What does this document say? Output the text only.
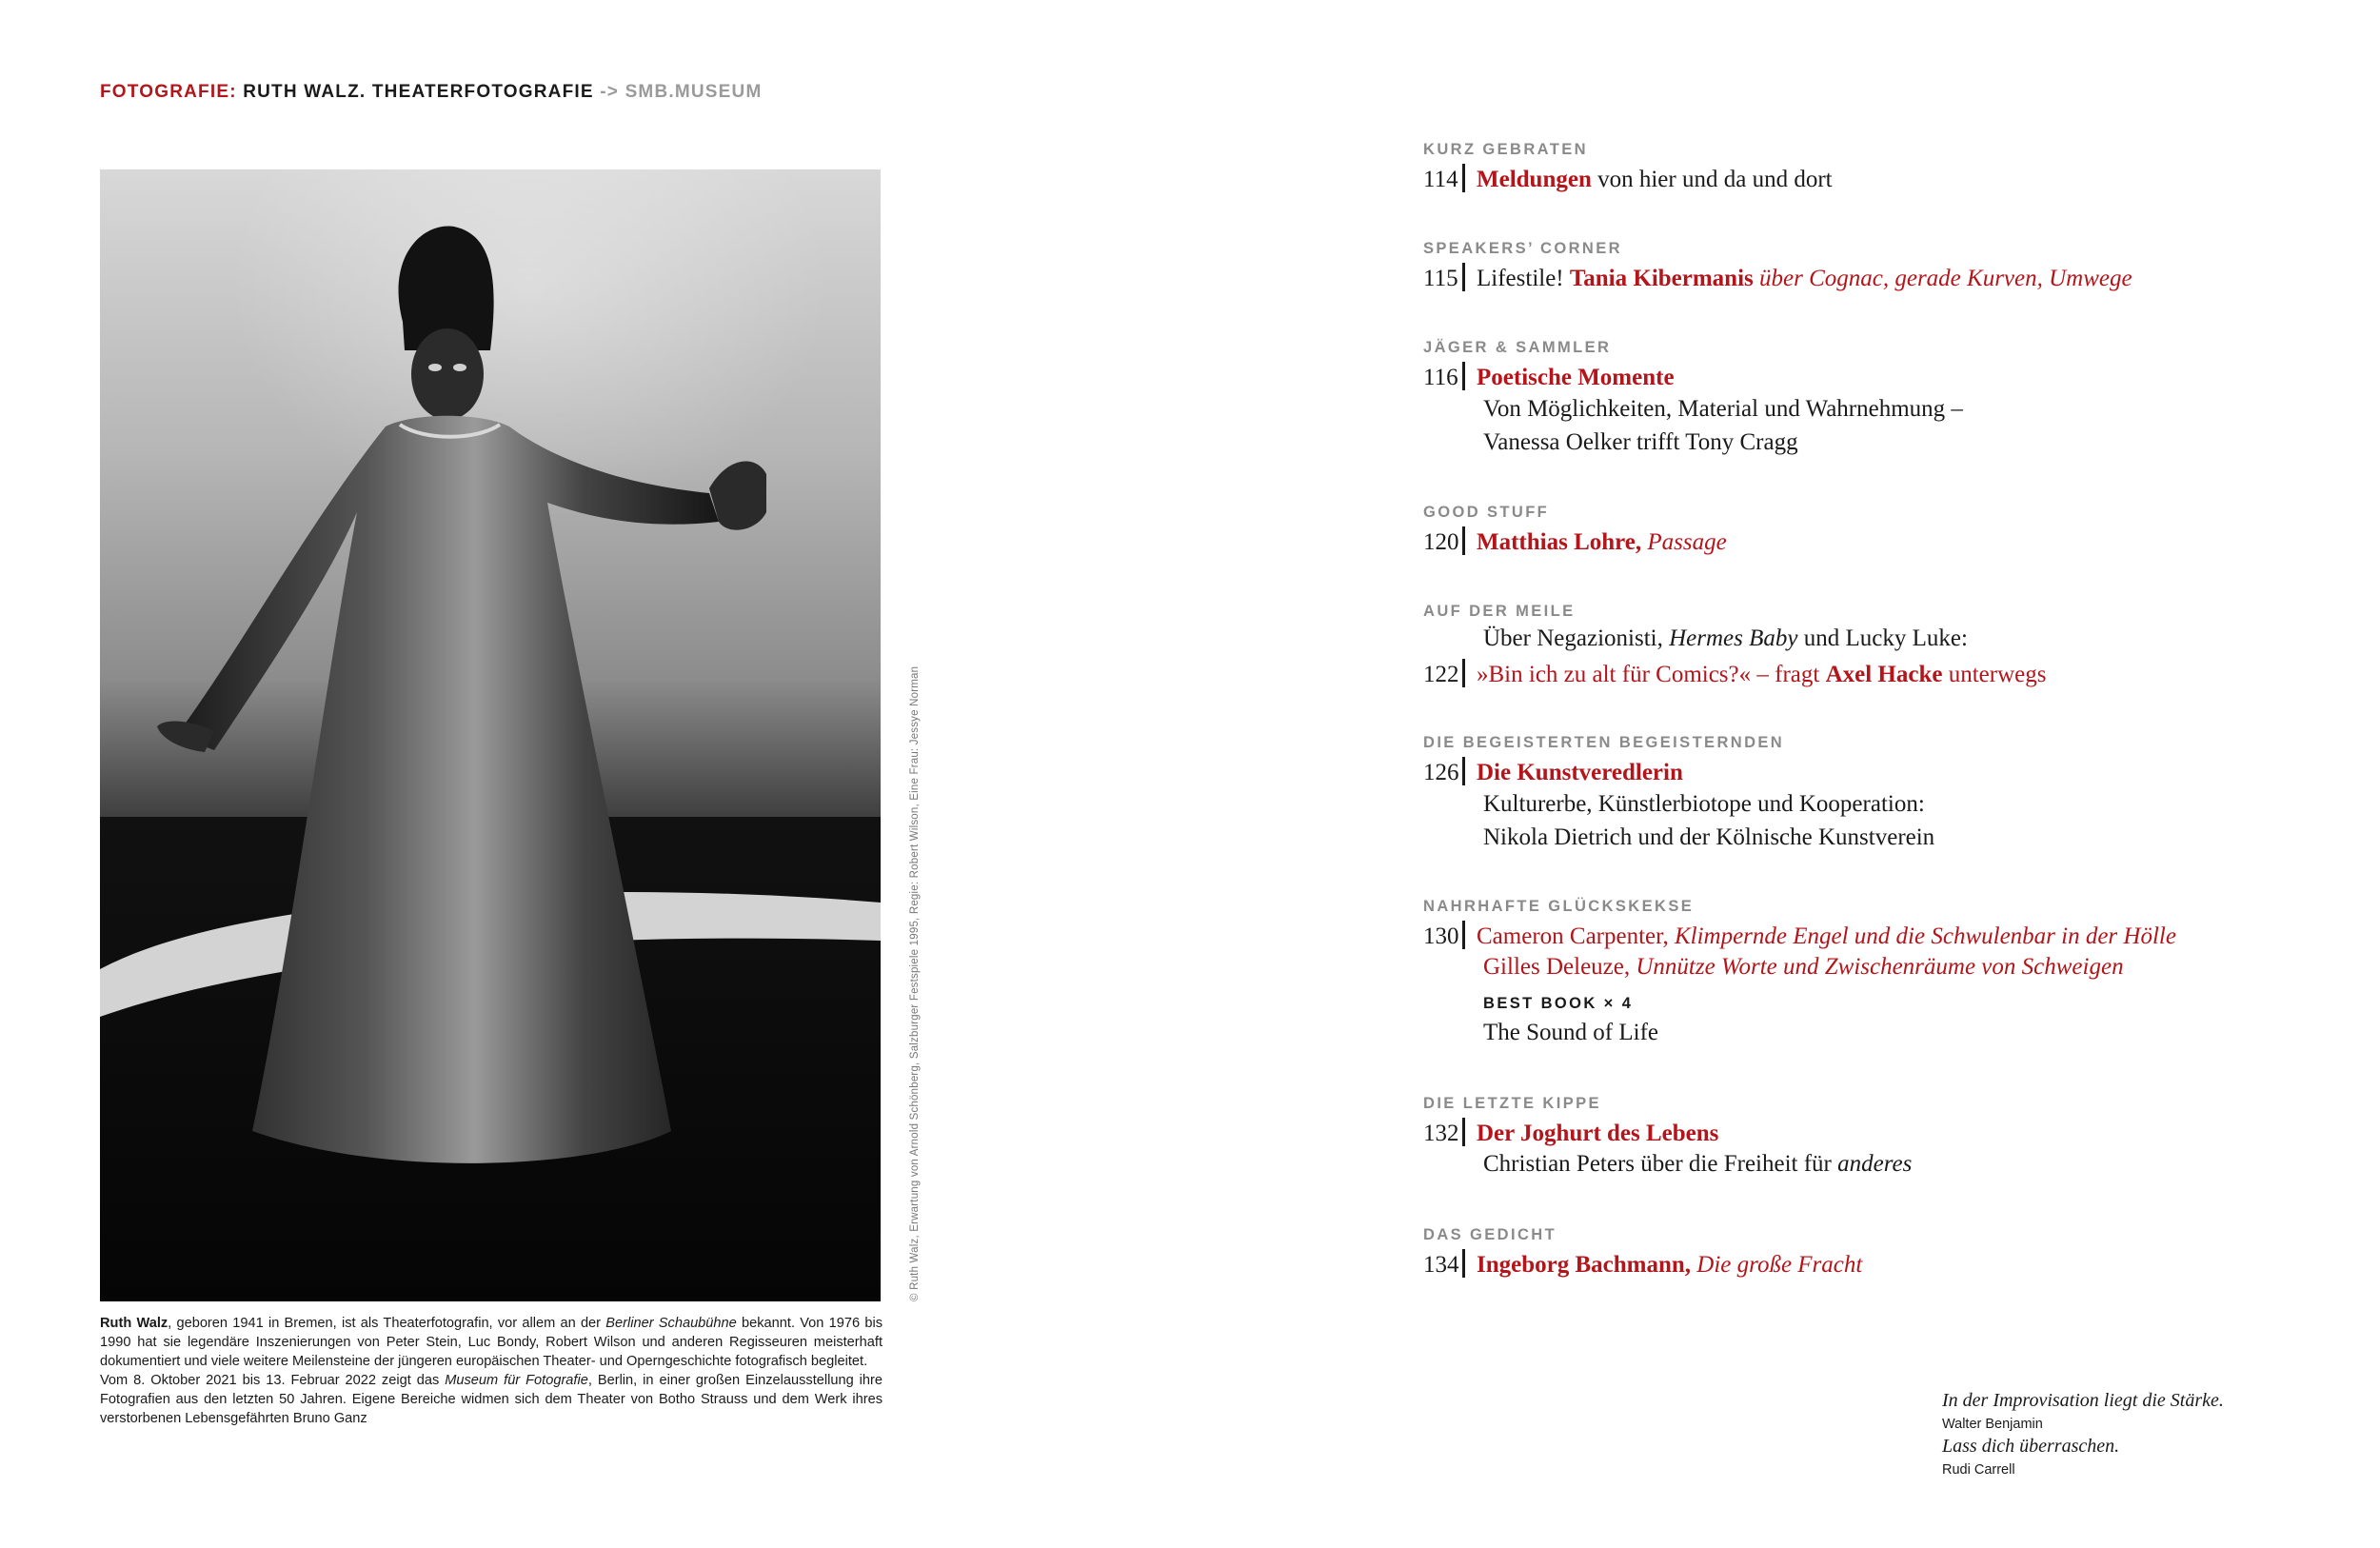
FOTOGRAFIE: RUTH WALZ. THEATERFOTOGRAFIE -> SMB.MUSEUM
© Ruth Walz, Erwartung von Arnold Schönberg, Salzburger Festspiele 1995, Regie: Robert Wilson, Eine Frau: Jessye Norman
Ruth Walz, geboren 1941 in Bremen, ist als Theaterfotografin, vor allem an der Berliner Schaubühne bekannt. Von 1976 bis 1990 hat sie legendäre Inszenierungen von Peter Stein, Luc Bondy, Robert Wilson und anderen Regisseuren meisterhaft dokumentiert und viele weitere Meilensteine der jüngeren europäischen Theater- und Operngeschichte fotografisch begleitet.
Vom 8. Oktober 2021 bis 13. Februar 2022 zeigt das Museum für Fotografie, Berlin, in einer großen Einzelausstellung ihre Fotografien aus den letzten 50 Jahren. Eigene Bereiche widmen sich dem Theater von Botho Strauss und dem Werk ihres verstorbenen Lebensgefährten Bruno Ganz
KURZ GEBRATEN
114 Meldungen von hier und da und dort
SPEAKERS’ CORNER
115 Lifestile! Tania Kibermanis über Cognac, gerade Kurven, Umwege
JÄGER & SAMMLER
116 Poetische Momente
Von Möglichkeiten, Material und Wahrnehmung –
Vanessa Oelker trifft Tony Cragg
GOOD STUFF
120 Matthias Lohre, Passage
AUF DER MEILE
Über Negazionisti, Hermes Baby und Lucky Luke:
122 »Bin ich zu alt für Comics?« – fragt Axel Hacke unterwegs
DIE BEGEISTERTEN BEGEISTERNDEN
126 Die Kunstveredlerin
Kulturerbe, Künstlerbiotope und Kooperation:
Nikola Dietrich und der Kölnische Kunstverein
NAHRHAFTE GLÜCKSKEKSE
130 Cameron Carpenter, Klimpernde Engel und die Schwulenbar in der Hölle
Gilles Deleuze, Unnütze Worte und Zwischenräume von Schweigen
BEST BOOK × 4
The Sound of Life
DIE LETZTE KIPPE
132 Der Joghurt des Lebens
Christian Peters über die Freiheit für anderes
DAS GEDICHT
134 Ingeborg Bachmann, Die große Fracht
In der Improvisation liegt die Stärke.
Walter Benjamin
Lass dich überraschen.
Rudi Carrell
